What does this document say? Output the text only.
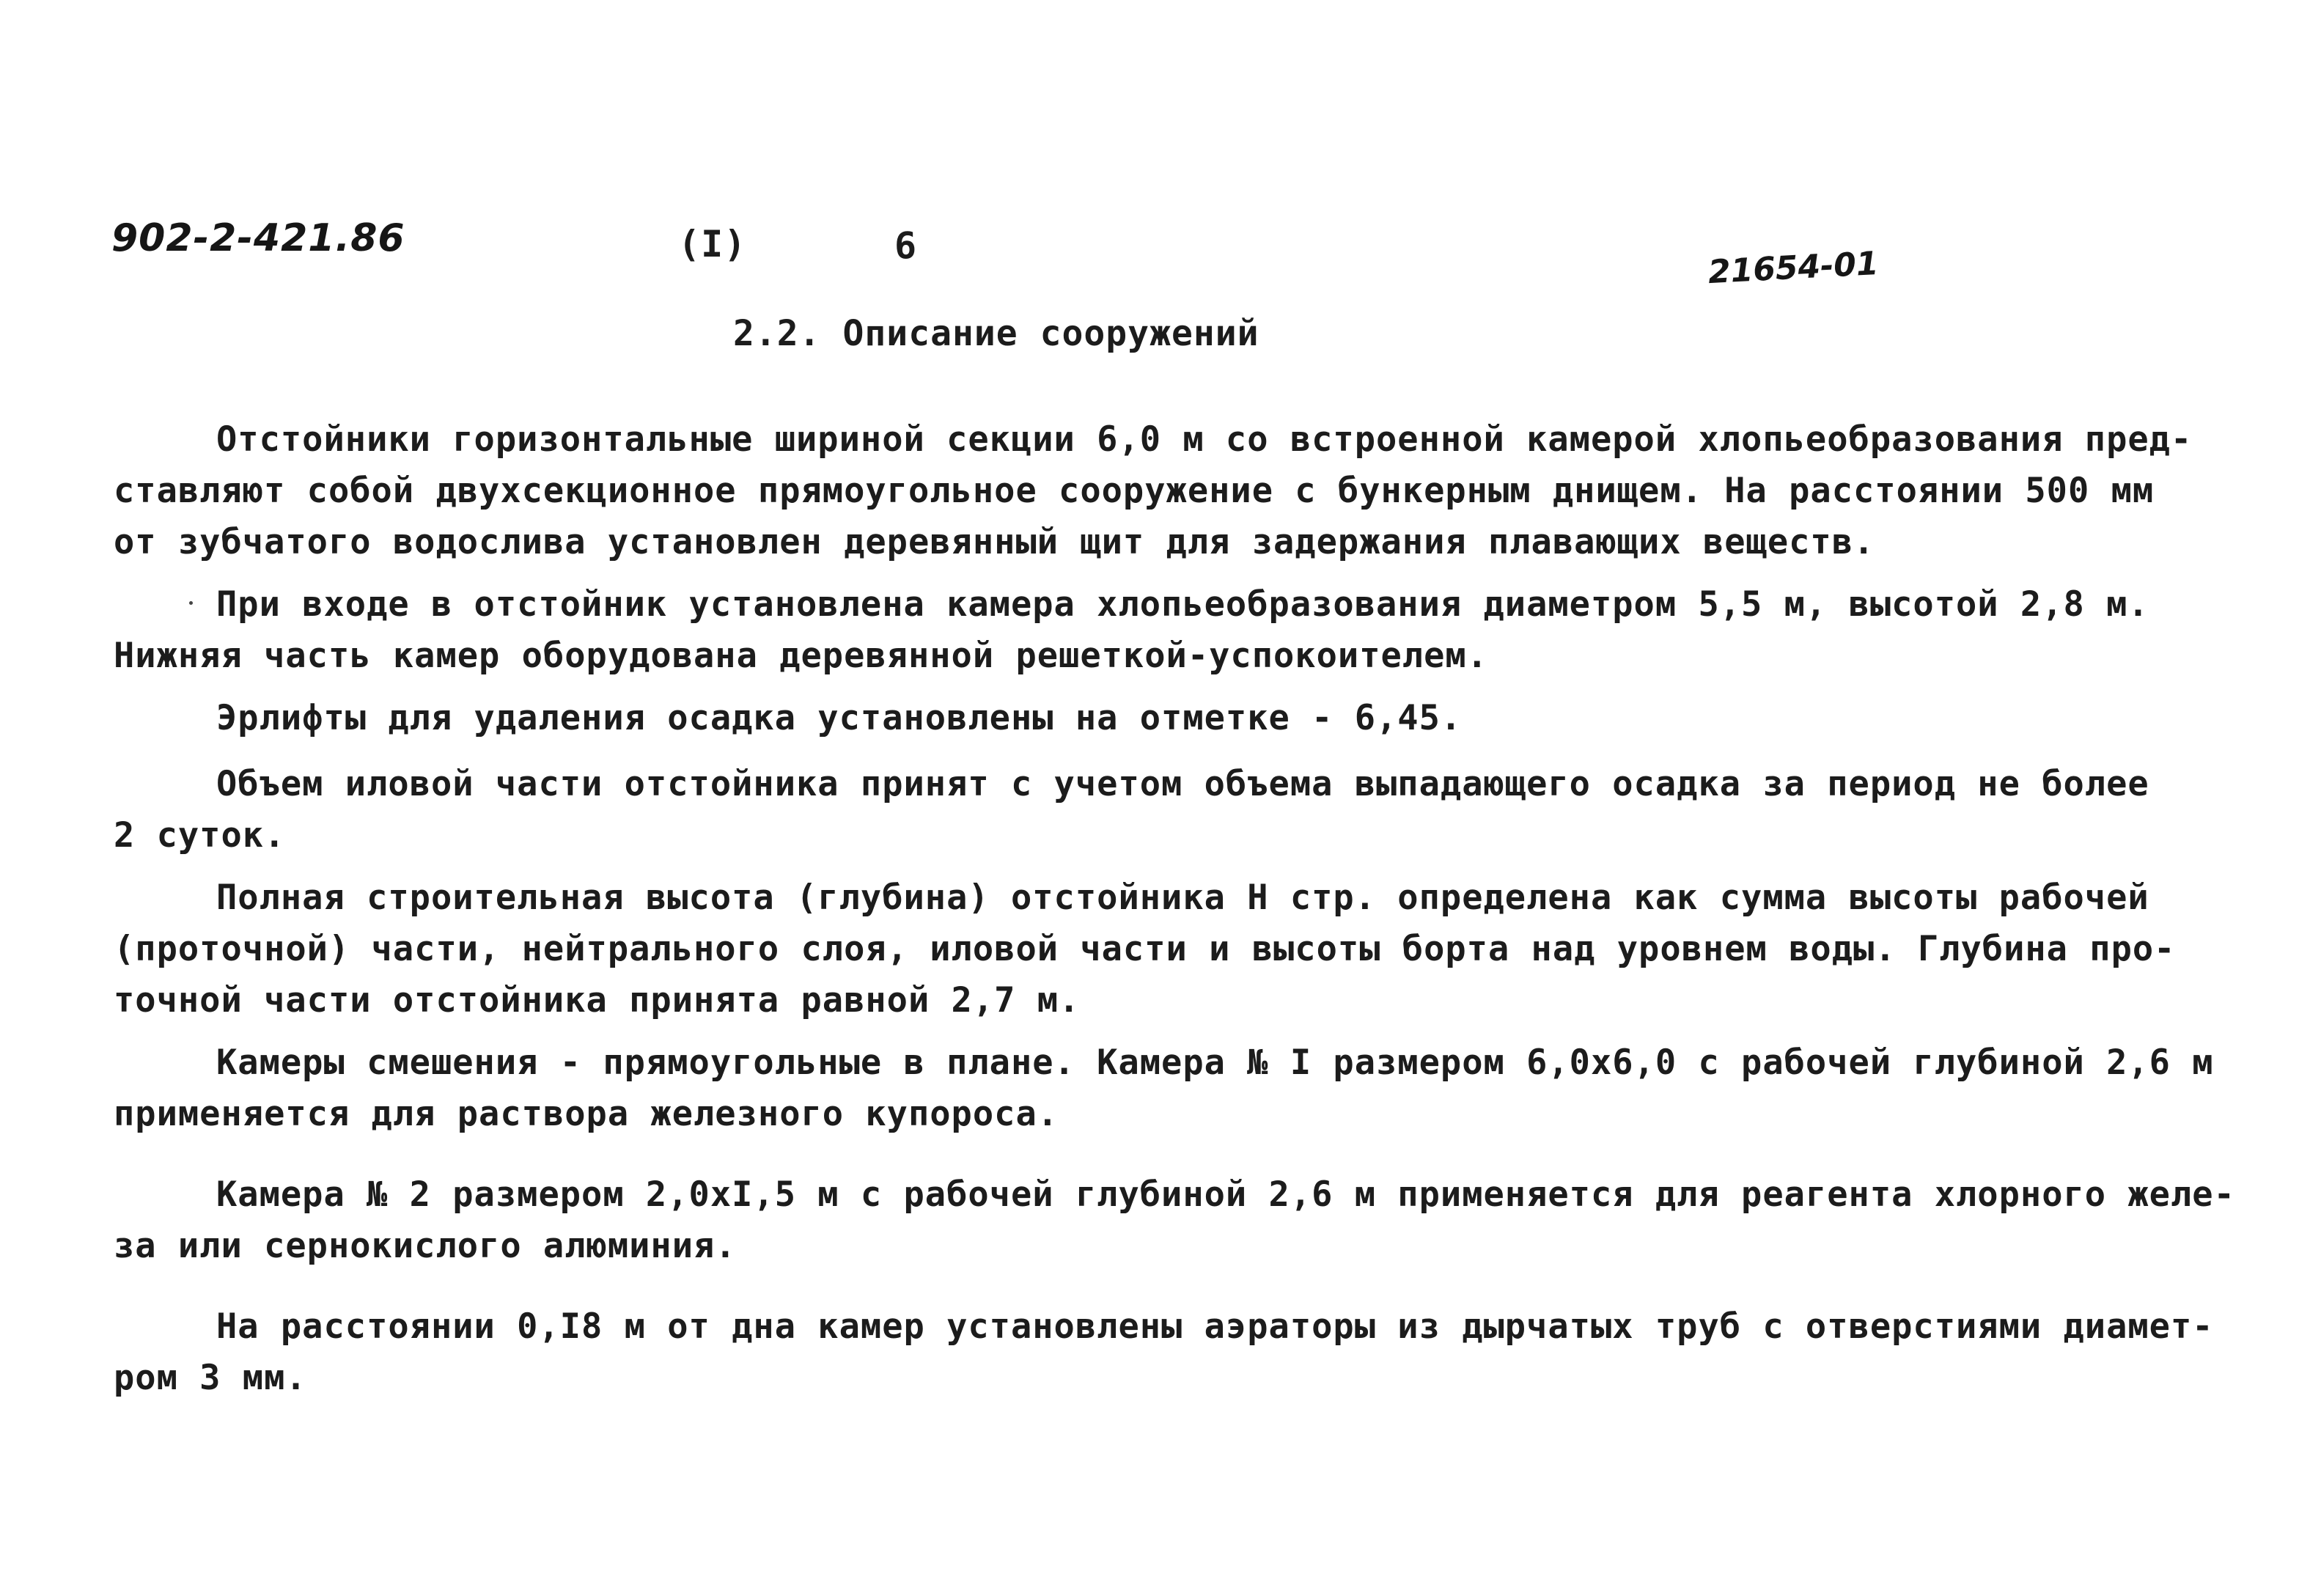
902-2-421.86	(I)	6	21654-01
2.2. Описание сооружений
Отстойники горизонтальные шириной секции 6,0 м со встроенной камерой хлопьеобразования пред-
ставляют собой двухсекционное прямоугольное сооружение с бункерным днищем. На расстоянии 500 мм
от зубчатого водослива установлен деревянный щит для задержания плавающих веществ.
При входе в отстойник установлена камера хлопьеобразования диаметром 5,5 м, высотой 2,8 м.
Нижняя часть камер оборудована деревянной решеткой-успокоителем.
Эрлифты для удаления осадка установлены на отметке - 6,45.
Объем иловой части отстойника принят с учетом объема выпадающего осадка за период не более
2 суток.
Полная строительная высота (глубина) отстойника H стр. определена как сумма высоты рабочей
(проточной) части, нейтрального слоя, иловой части и высоты борта над уровнем воды. Глубина про-
точной части отстойника принята равной 2,7 м.
Камеры смешения - прямоугольные в плане. Камера № I размером 6,0х6,0 с рабочей глубиной 2,6 м
применяется для раствора железного купороса.
Камера № 2 размером 2,0хI,5 м с рабочей глубиной 2,6 м применяется для реагента хлорного желе-
за или сернокислого алюминия.
На расстоянии 0,I8 м от дна камер установлены аэраторы из дырчатых труб с отверстиями диамет-
ром 3 мм.
